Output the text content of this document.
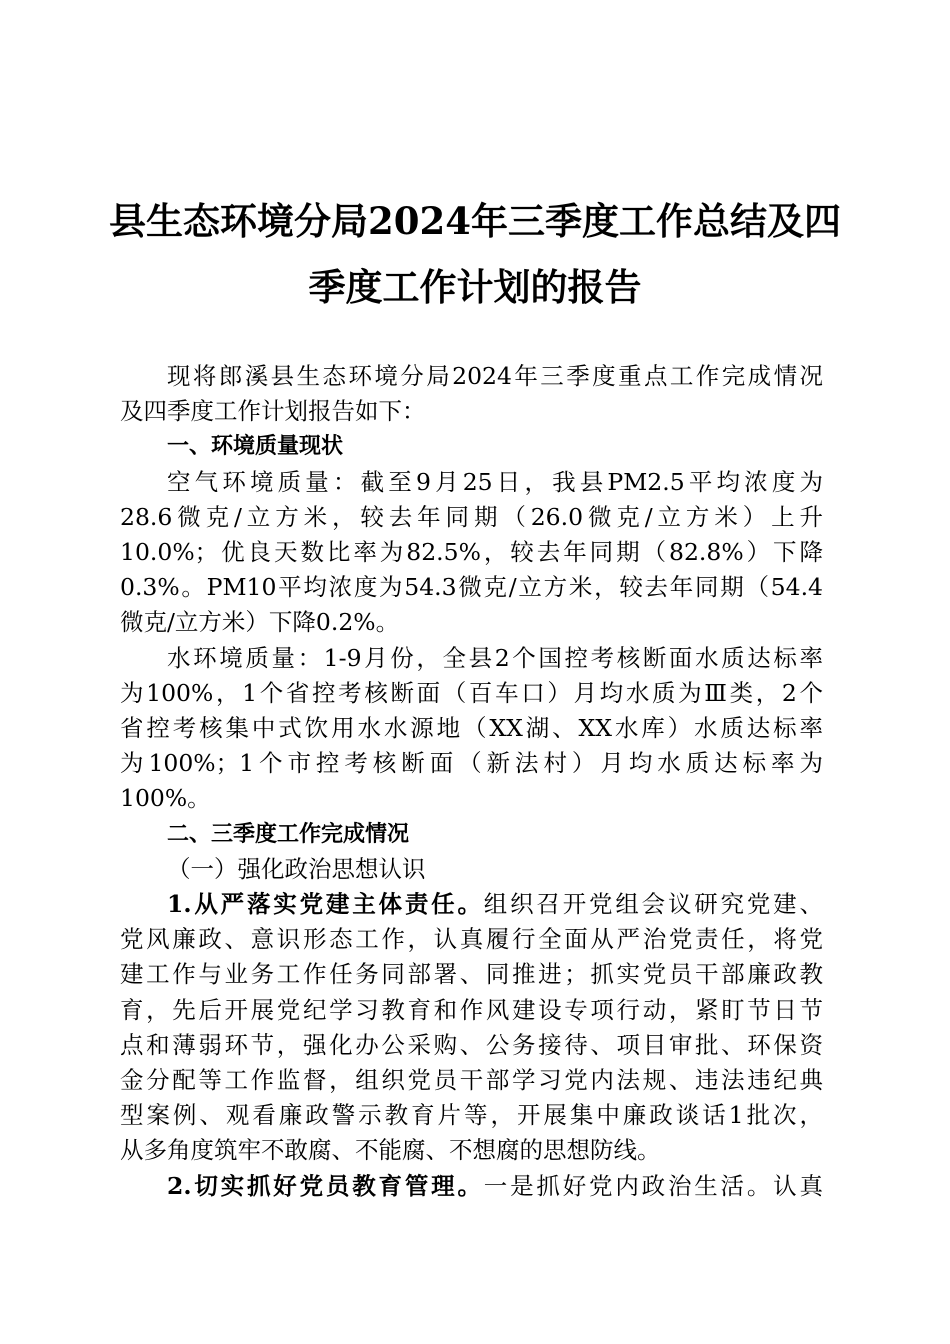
县生态环境分局2024年三季度工作总结及四
季度工作计划的报告
现将郎溪县生态环境分局2024年三季度重点工作完成情况
及四季度工作计划报告如下：
一、环境质量现状
空气环境质量：截至9月25日，我县PM2.5平均浓度为
28.6微克/立方米，较去年同期（26.0微克/立方米）上升
10.0%；优良天数比率为82.5%，较去年同期（82.8%）下降
0.3%。PM10平均浓度为54.3微克/立方米，较去年同期（54.4
微克/立方米）下降0.2%。
水环境质量：1-9月份，全县2个国控考核断面水质达标率
为100%，1个省控考核断面（百车口）月均水质为Ⅲ类，2个
省控考核集中式饮用水水源地（XX湖、XX水库）水质达标率
为100%；1个市控考核断面（新法村）月均水质达标率为
100%。
二、三季度工作完成情况
（一）强化政治思想认识
1.从严落实党建主体责任。组织召开党组会议研究党建、
党风廉政、意识形态工作，认真履行全面从严治党责任，将党
建工作与业务工作任务同部署、同推进；抓实党员干部廉政教
育，先后开展党纪学习教育和作风建设专项行动，紧盯节日节
点和薄弱环节，强化办公采购、公务接待、项目审批、环保资
金分配等工作监督，组织党员干部学习党内法规、违法违纪典
型案例、观看廉政警示教育片等，开展集中廉政谈话1批次，
从多角度筑牢不敢腐、不能腐、不想腐的思想防线。
2.切实抓好党员教育管理。一是抓好党内政治生活。认真
